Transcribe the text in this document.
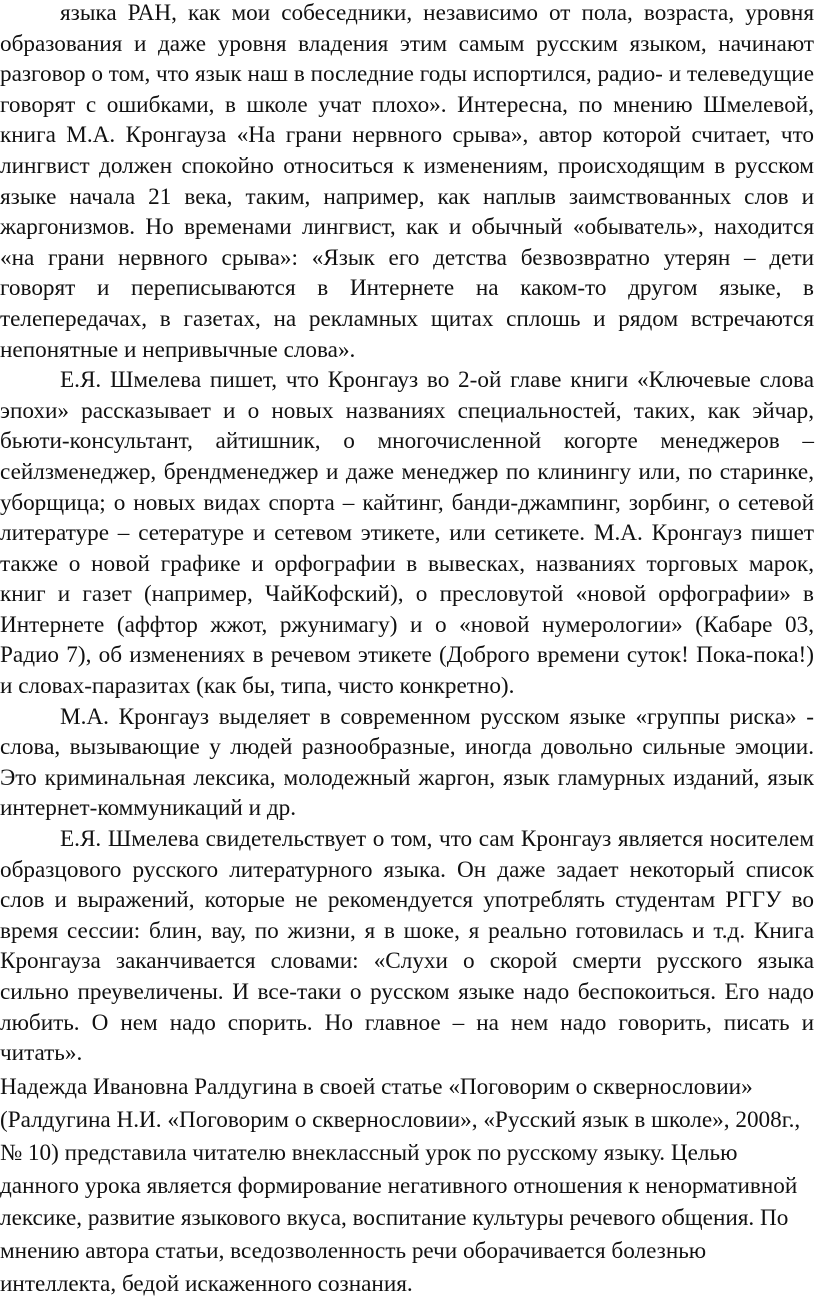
языка РАН, как мои собеседники, независимо от пола, возраста, уровня образования и даже уровня владения этим самым русским языком, начинают разговор о том, что язык наш в последние годы испортился, радио- и телеведущие говорят с ошибками, в школе учат плохо». Интересна, по мнению Шмелевой, книга М.А. Кронгауза «На грани нервного срыва», автор которой считает, что лингвист должен спокойно относиться к изменениям, происходящим в русском языке начала 21 века, таким, например, как наплыв заимствованных слов и жаргонизмов. Но временами лингвист, как и обычный «обыватель», находится «на грани нервного срыва»: «Язык его детства безвозвратно утерян – дети говорят и переписываются в Интернете на каком-то другом языке, в телепередачах, в газетах, на рекламных щитах сплошь и рядом встречаются непонятные и непривычные слова».

Е.Я. Шмелева пишет, что Кронгауз во 2-ой главе книги «Ключевые слова эпохи» рассказывает и о новых названиях специальностей, таких, как эйчар, бьюти-консультант, айтишник, о многочисленной когорте менеджеров – сейлзменеджер, брендменеджер и даже менеджер по клинингу или, по старинке, уборщица; о новых видах спорта – кайтинг, банди-джампинг, зорбинг, о сетевой литературе – сетературе и сетевом этикете, или сетикете. М.А. Кронгауз пишет также о новой графике и орфографии в вывесках, названиях торговых марок, книг и газет (например, ЧайКофский), о пресловутой «новой орфографии» в Интернете (аффтор жжот, ржунимагу) и о «новой нумерологии» (Кабаре 03, Радио 7), об изменениях в речевом этикете (Доброго времени суток! Пока-пока!) и словах-паразитах (как бы, типа, чисто конкретно).

М.А. Кронгауз выделяет в современном русском языке «группы риска» - слова, вызывающие у людей разнообразные, иногда довольно сильные эмоции. Это криминальная лексика, молодежный жаргон, язык гламурных изданий, язык интернет-коммуникаций и др.

Е.Я. Шмелева свидетельствует о том, что сам Кронгауз является носителем образцового русского литературного языка. Он даже задает некоторый список слов и выражений, которые не рекомендуется употреблять студентам РГГУ во время сессии: блин, вау, по жизни, я в шоке, я реально готовилась и т.д. Книга Кронгауза заканчивается словами: «Слухи о скорой смерти русского языка сильно преувеличены. И все-таки о русском языке надо беспокоиться. Его надо любить. О нем надо спорить. Но главное – на нем надо говорить, писать и читать».

Надежда Ивановна Ралдугина в своей статье «Поговорим о сквернословии» (Ралдугина Н.И. «Поговорим о сквернословии», «Русский язык в школе», 2008г., № 10) представила читателю внеклассный урок по русскому языку. Целью данного урока является формирование негативного отношения к ненормативной лексике, развитие языкового вкуса, воспитание культуры речевого общения. По мнению автора статьи, вседозволенность речи оборачивается болезнью интеллекта, бедой искаженного сознания.
